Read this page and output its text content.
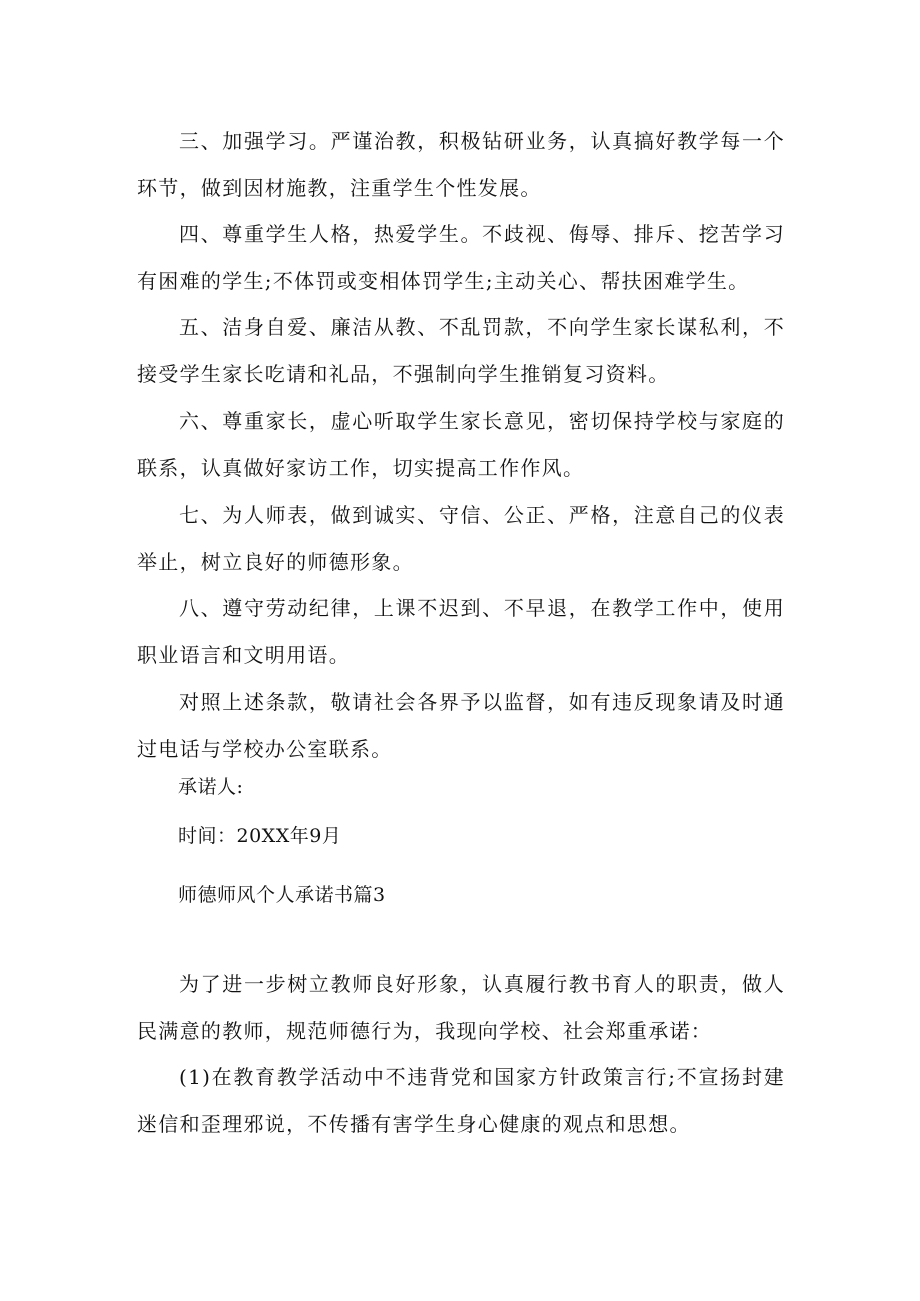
三、加强学习。严谨治教，积极钻研业务，认真搞好教学每一个环节，做到因材施教，注重学生个性发展。

四、尊重学生人格，热爱学生。不歧视、侮辱、排斥、挖苦学习有困难的学生;不体罚或变相体罚学生;主动关心、帮扶困难学生。

五、洁身自爱、廉洁从教、不乱罚款，不向学生家长谋私利，不接受学生家长吃请和礼品，不强制向学生推销复习资料。

六、尊重家长，虚心听取学生家长意见，密切保持学校与家庭的联系，认真做好家访工作，切实提高工作作风。

七、为人师表，做到诚实、守信、公正、严格，注意自己的仪表举止，树立良好的师德形象。

八、遵守劳动纪律，上课不迟到、不早退，在教学工作中，使用职业语言和文明用语。

对照上述条款，敬请社会各界予以监督，如有违反现象请及时通过电话与学校办公室联系。

承诺人:

时间：20XX年9月

师德师风个人承诺书篇3

为了进一步树立教师良好形象，认真履行教书育人的职责，做人民满意的教师，规范师德行为，我现向学校、社会郑重承诺：

(1)在教育教学活动中不违背党和国家方针政策言行;不宣扬封建迷信和歪理邪说，不传播有害学生身心健康的观点和思想。
